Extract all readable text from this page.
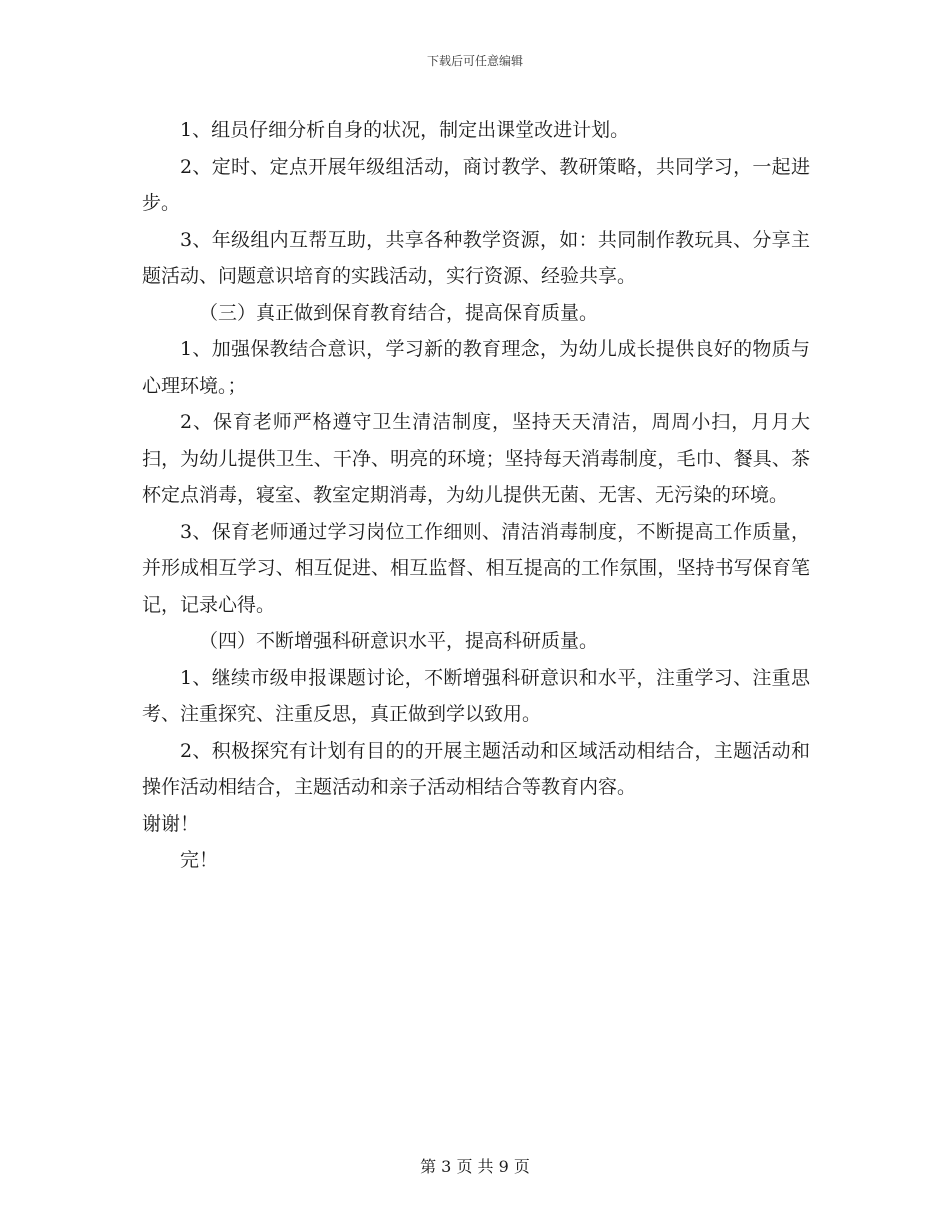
下载后可任意编辑

1、组员仔细分析自身的状况，制定出课堂改进计划。

2、定时、定点开展年级组活动，商讨教学、教研策略，共同学习，一起进步。

3、年级组内互帮互助，共享各种教学资源，如：共同制作教玩具、分享主题活动、问题意识培育的实践活动，实行资源、经验共享。

（三）真正做到保育教育结合，提高保育质量。

1、加强保教结合意识，学习新的教育理念，为幼儿成长提供良好的物质与心理环境。；

2、保育老师严格遵守卫生清洁制度，坚持天天清洁，周周小扫，月月大扫，为幼儿提供卫生、干净、明亮的环境；坚持每天消毒制度，毛巾、餐具、茶杯定点消毒，寝室、教室定期消毒，为幼儿提供无菌、无害、无污染的环境。

3、保育老师通过学习岗位工作细则、清洁消毒制度，不断提高工作质量，并形成相互学习、相互促进、相互监督、相互提高的工作氛围，坚持书写保育笔记，记录心得。

（四）不断增强科研意识水平，提高科研质量。

1、继续市级申报课题讨论，不断增强科研意识和水平，注重学习、注重思考、注重探究、注重反思，真正做到学以致用。

2、积极探究有计划有目的的开展主题活动和区域活动相结合，主题活动和操作活动相结合，主题活动和亲子活动相结合等教育内容。

谢谢！

完！

第 3 页 共 9 页
